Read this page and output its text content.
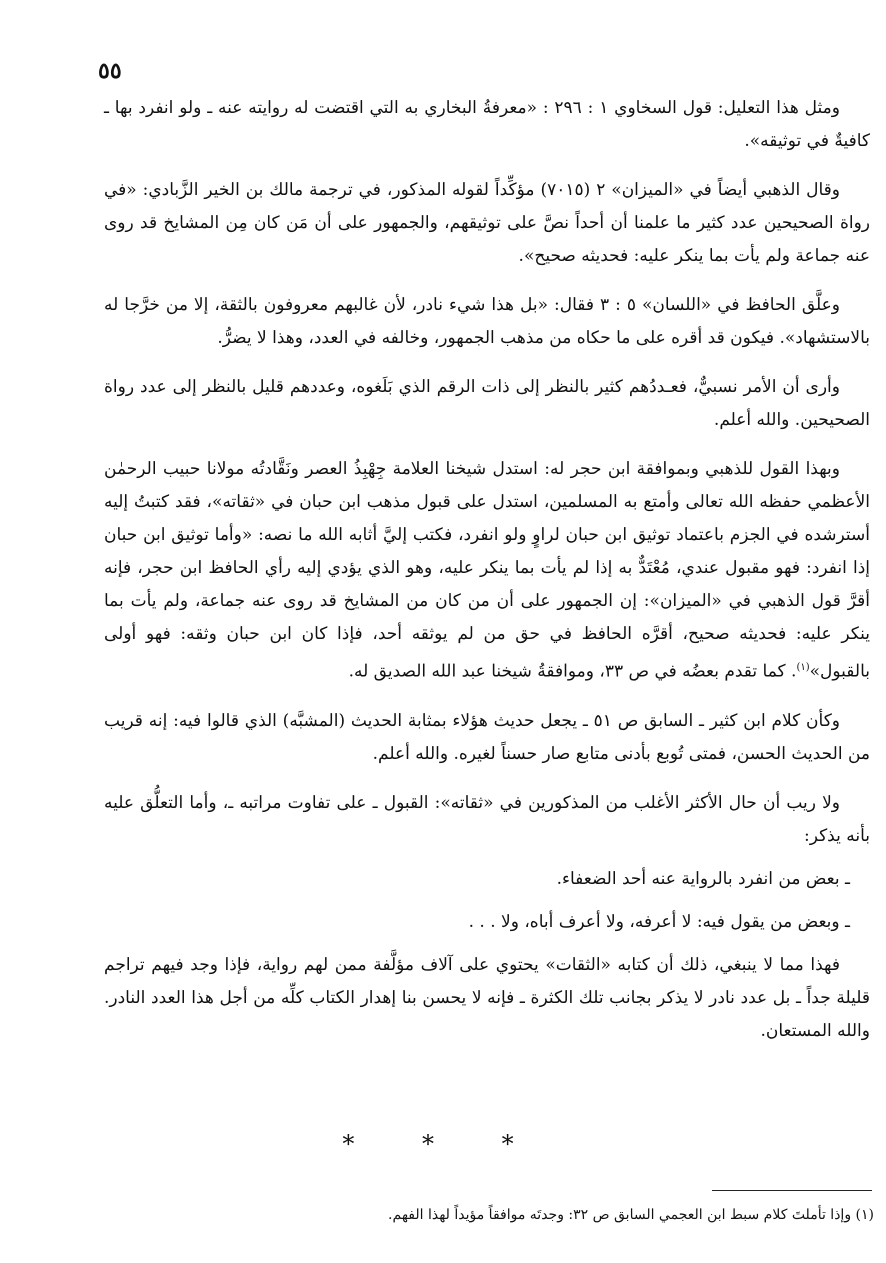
٥٥

ومثل هذا التعليل: قول السخاوي ١ : ٢٩٦ : «معرفةُ البخاري به التي اقتضت له روايته عنه ـ ولو انفرد بها ـ كافيةٌ في توثيقه».

وقال الذهبي أيضاً في «الميزان» ٢ (٧٠١٥) مؤكِّداً لقوله المذكور، في ترجمة مالك بن الخير الزَّبادي: «في رواة الصحيحين عدد كثير ما علمنا أن أحداً نصَّ على توثيقهم، والجمهور على أن مَن كان مِن المشايخ قد روى عنه جماعة ولم يأت بما ينكر عليه: فحديثه صحيح».

وعلَّق الحافظ في «اللسان» ٥ : ٣ فقال: «بل هذا شيء نادر، لأن غالبهم معروفون بالثقة، إلا من خرَّجا له بالاستشهاد». فيكون قد أقره على ما حكاه من مذهب الجمهور، وخالفه في العدد، وهذا لا يضرُّ.

وأرى أن الأمر نسبيٌّ، فعـددُهم كثير بالنظر إلى ذات الرقم الذي بَلَغوه، وعددهم قليل بالنظر إلى عدد رواة الصحيحين. والله أعلم.

وبهذا القول للذهبي وبموافقة ابن حجر له: استدل شيخنا العلامة جِهْبِذُ العصر ونَقَّادتُه مولانا حبيب الرحمٰن الأعظمي حفظه الله تعالى وأمتع به المسلمين، استدل على قبول مذهب ابن حبان في «ثقاته»، فقد كتبتُ إليه أسترشده في الجزم باعتماد توثيق ابن حبان لراوٍ ولو انفرد، فكتب إليَّ أثابه الله ما نصه: «وأما توثيق ابن حبان إذا انفرد: فهو مقبول عندي، مُعْتَدٌّ به إذا لم يأت بما ينكر عليه، وهو الذي يؤدي إليه رأي الحافظ ابن حجر، فإنه أقرَّ قول الذهبي في «الميزان»: إن الجمهور على أن من كان من المشايخ قد روى عنه جماعة، ولم يأت بما ينكر عليه: فحديثه صحيح، أقرَّه الحافظ في حق من لم يوثقه أحد، فإذا كان ابن حبان وثقه: فهو أولى بالقبول»$^{(١)}$. كما تقدم بعضُه في ص ٣٣، وموافقةُ شيخنا عبد الله الصديق له.

وكأن كلام ابن كثير ـ السابق ص ٥١ ـ يجعل حديث هؤلاء بمثابة الحديث (المشبَّه) الذي قالوا فيه: إنه قريب من الحديث الحسن، فمتى تُوبع بأدنى متابع صار حسناً لغيره. والله أعلم.

ولا ريب أن حال الأكثر الأغلب من المذكورين في «ثقاته»: القبول ـ على تفاوت مراتبه ـ، وأما التعلُّق عليه بأنه يذكر:

ـ بعض من انفرد بالرواية عنه أحد الضعفاء.

ـ وبعض من يقول فيه: لا أعرفه، ولا أعرف أباه، ولا . . .

فهذا مما لا ينبغي، ذلك أن كتابه «الثقات» يحتوي على آلاف مؤلَّفة ممن لهم رواية، فإذا وجد فيهم تراجم قليلة جداً ـ بل عدد نادر لا يذكر بجانب تلك الكثرة ـ فإنه لا يحسن بنا إهدار الكتاب كلِّه من أجل هذا العدد النادر. والله المستعان.

* * *
(١) وإذا تأملتَ كلام سبط ابن العجمي السابق ص ٣٢: وجدتَه موافقاً مؤيداً لهذا الفهم.
